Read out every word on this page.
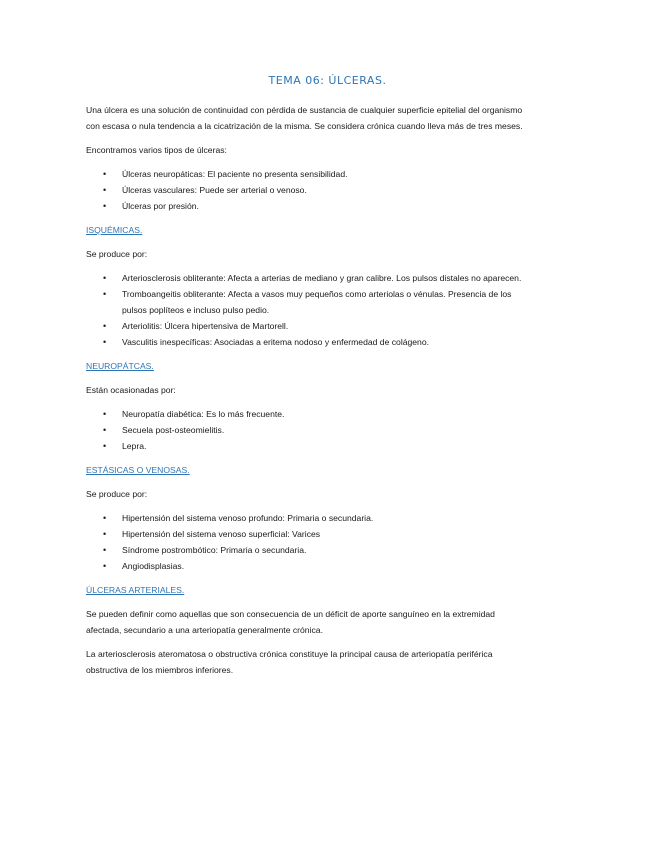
TEMA 06: ÚLCERAS.

Una úlcera es una solución de continuidad con pérdida de sustancia de cualquier superficie epitelial del organismo con escasa o nula tendencia a la cicatrización de la misma. Se considera crónica cuando lleva más de tres meses.

Encontramos varios tipos de úlceras:

• Úlceras neuropáticas: El paciente no presenta sensibilidad.
• Úlceras vasculares: Puede ser arterial o venoso.
• Úlceras por presión.
ISQUÉMICAS.

Se produce por:

• Arteriosclerosis obliterante: Afecta a arterias de mediano y gran calibre. Los pulsos distales no aparecen.
• Tromboangeitis obliterante: Afecta a vasos muy pequeños como arteriolas o vénulas. Presencia de los pulsos poplíteos e incluso pulso pedio.
• Arteriolitis: Úlcera hipertensiva de Martorell.
• Vasculitis inespecíficas: Asociadas a eritema nodoso y enfermedad de colágeno.
NEUROPÁTCAS.

Están ocasionadas por:

• Neuropatía diabética: Es lo más frecuente.
• Secuela post-osteomielitis.
• Lepra.
ESTÁSICAS O VENOSAS.

Se produce por:

• Hipertensión del sistema venoso profundo: Primaria o secundaria.
• Hipertensión del sistema venoso superficial: Varices
• Síndrome postrombótico: Primaria o secundaria.
• Angiodisplasias.
ÚLCERAS ARTERIALES.

Se pueden definir como aquellas que son consecuencia de un déficit de aporte sanguíneo en la extremidad afectada, secundario a una arteriopatía generalmente crónica.

La arteriosclerosis ateromatosa o obstructiva crónica constituye la principal causa de arteriopatía periférica obstructiva de los miembros inferiores.
